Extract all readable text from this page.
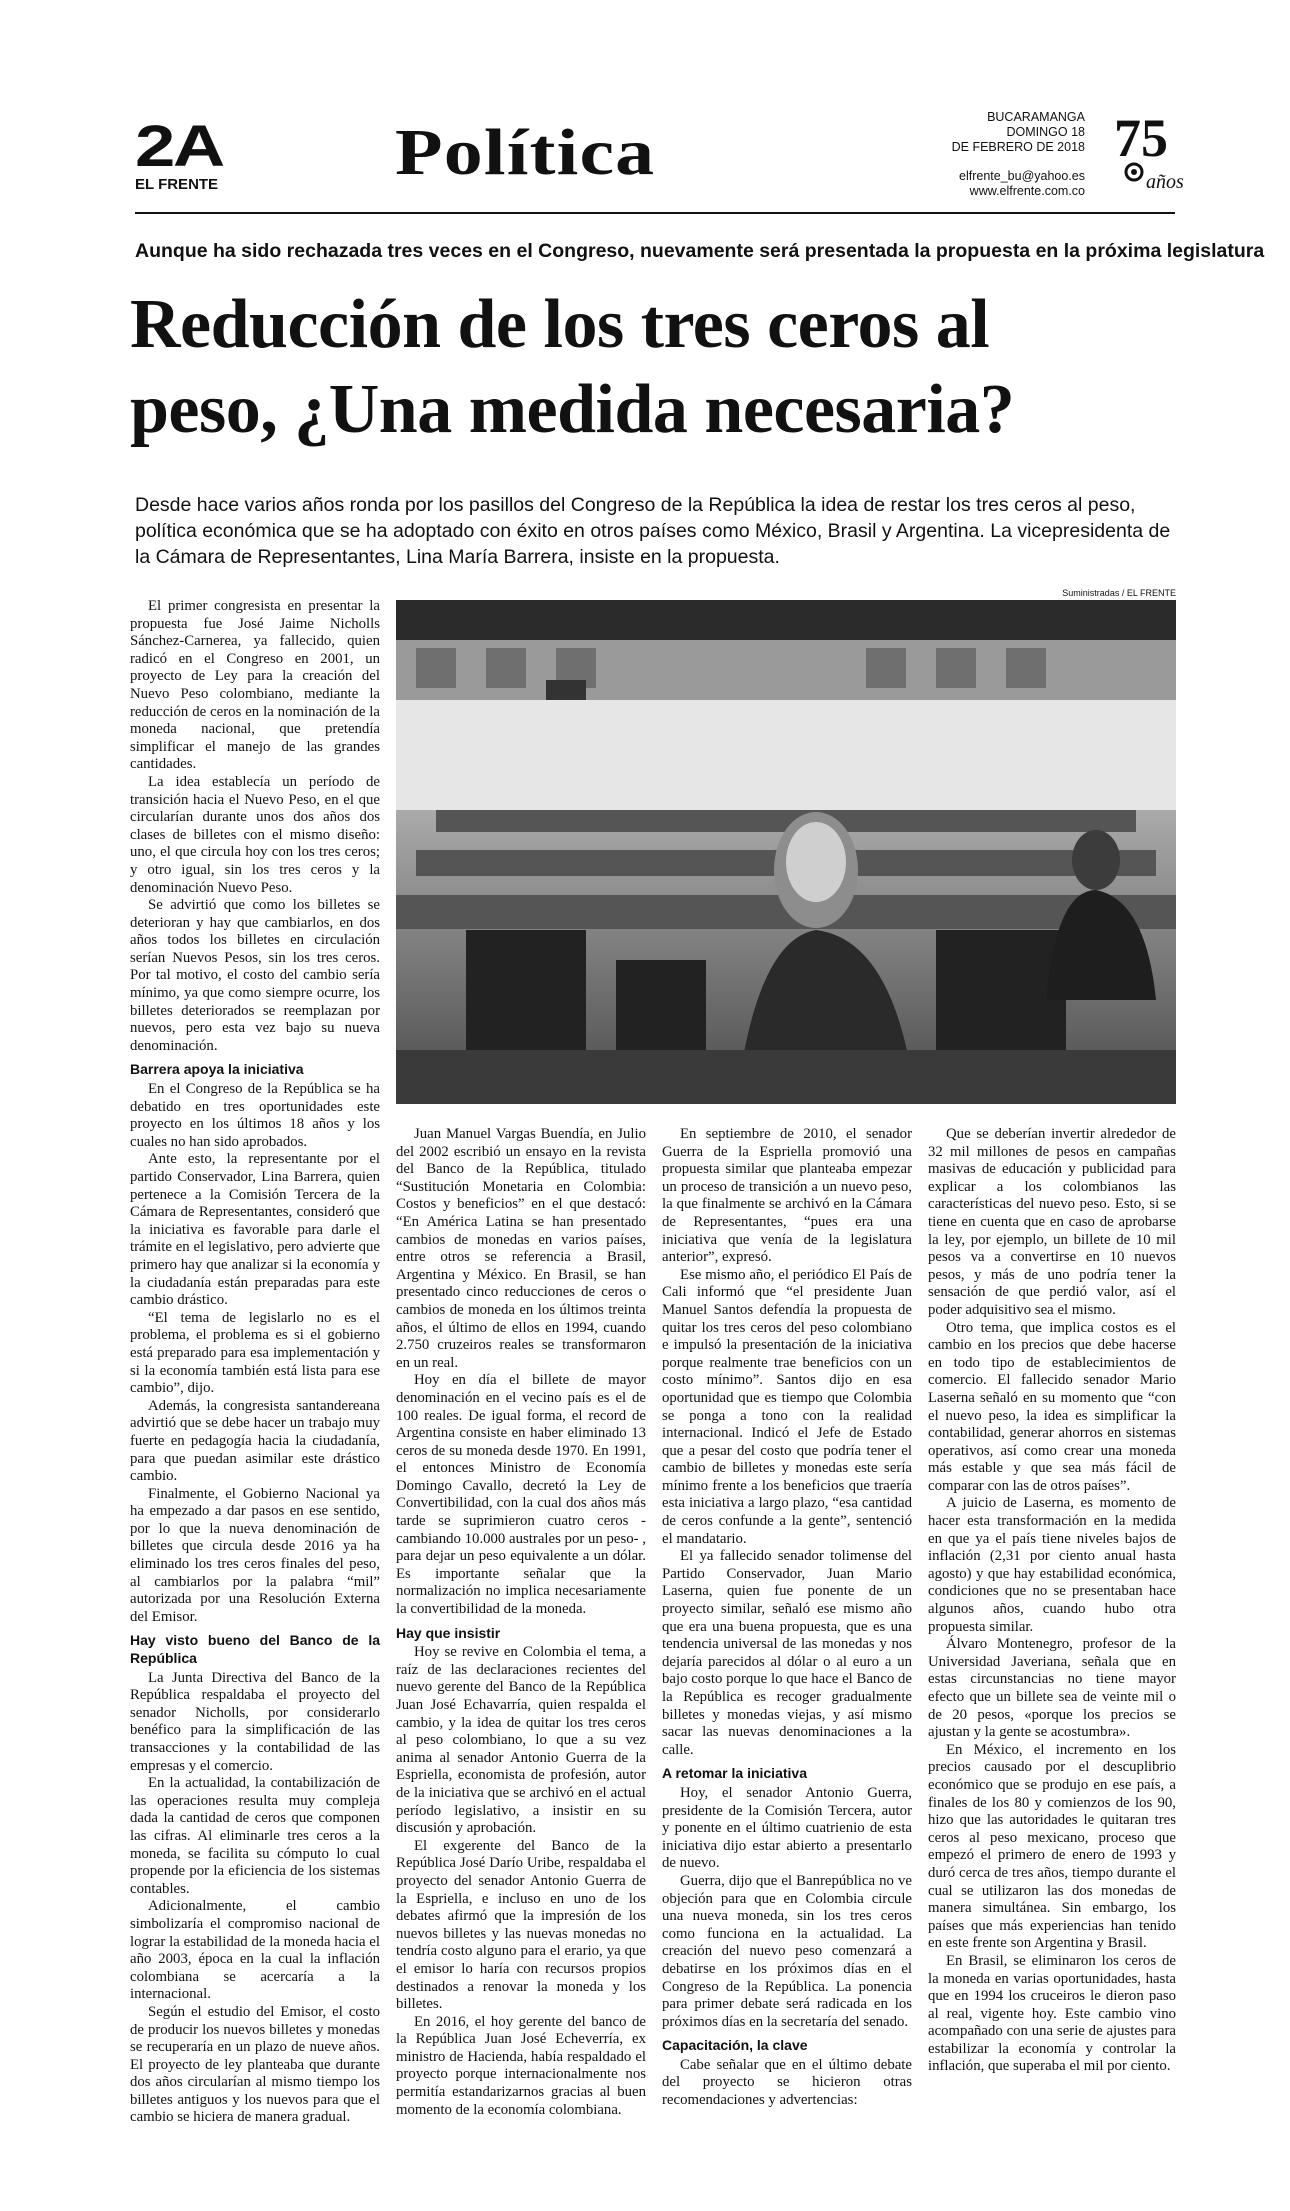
2A
EL FRENTE	Política	BUCARAMANGA
DOMINGO 18
DE FEBRERO DE 2018
elfrente_bu@yahoo.es
www.elfrente.com.co
75
años
Aunque ha sido rechazada tres veces en el Congreso, nuevamente será presentada la propuesta en la próxima legislatura
Reducción de los tres ceros al
peso, ¿Una medida necesaria?
Desde hace varios años ronda por los pasillos del Congreso de la República la idea de restar los tres ceros al peso, política económica que se ha adoptado con éxito en otros países como México, Brasil y Argentina. La vicepresidenta de la Cámara de Representantes, Lina María Barrera, insiste en la propuesta.
Suministradas / EL FRENTE

El primer congresista en presentar la propuesta fue José Jaime Nicholls Sánchez-Carnerea, ya fallecido, quien radicó en el Congreso en 2001, un proyecto de Ley para la creación del Nuevo Peso colombiano, mediante la reducción de ceros en la nominación de la moneda nacional, que pretendía simplificar el manejo de las grandes cantidades.

La idea establecía un período de transición hacia el Nuevo Peso, en el que circularían durante unos dos años dos clases de billetes con el mismo diseño: uno, el que circula hoy con los tres ceros; y otro igual, sin los tres ceros y la denominación Nuevo Peso.

Se advirtió que como los billetes se deterioran y hay que cambiarlos, en dos años todos los billetes en circulación serían Nuevos Pesos, sin los tres ceros. Por tal motivo, el costo del cambio sería mínimo, ya que como siempre ocurre, los billetes deteriorados se reemplazan por nuevos, pero esta vez bajo su nueva denominación.

Barrera apoya la iniciativa

En el Congreso de la República se ha debatido en tres oportunidades este proyecto en los últimos 18 años y los cuales no han sido aprobados.

Ante esto, la representante por el partido Conservador, Lina Barrera, quien pertenece a la Comisión Tercera de la Cámara de Representantes, consideró que la iniciativa es favorable para darle el trámite en el legislativo, pero advierte que primero hay que analizar si la economía y la ciudadanía están preparadas para este cambio drástico.

“El tema de legislarlo no es el problema, el problema es si el gobierno está preparado para esa implementación y si la economía también está lista para ese cambio”, dijo.

Además, la congresista santandereana advirtió que se debe hacer un trabajo muy fuerte en pedagogía hacia la ciudadanía, para que puedan asimilar este drástico cambio.

Finalmente, el Gobierno Nacional ya ha empezado a dar pasos en ese sentido, por lo que la nueva denominación de billetes que circula desde 2016 ya ha eliminado los tres ceros finales del peso, al cambiarlos por la palabra “mil” autorizada por una Resolución Externa del Emisor.

Hay visto bueno del Banco de la República

La Junta Directiva del Banco de la República respaldaba el proyecto del senador Nicholls, por considerarlo benéfico para la simplificación de las transacciones y la contabilidad de las empresas y el comercio.

En la actualidad, la contabilización de las operaciones resulta muy compleja dada la cantidad de ceros que componen las cifras. Al eliminarle tres ceros a la moneda, se facilita su cómputo lo cual propende por la eficiencia de los sistemas contables.

Adicionalmente, el cambio simbolizaría el compromiso nacional de lograr la estabilidad de la moneda hacia el año 2003, época en la cual la inflación colombiana se acercaría a la internacional.

Según el estudio del Emisor, el costo de producir los nuevos billetes y monedas se recuperaría en un plazo de nueve años. El proyecto de ley planteaba que durante dos años circularían al mismo tiempo los billetes antiguos y los nuevos para que el cambio se hiciera de manera gradual.

Juan Manuel Vargas Buendía, en Julio del 2002 escribió un ensayo en la revista del Banco de la República, titulado “Sustitución Monetaria en Colombia: Costos y beneficios” en el que destacó: “En América Latina se han presentado cambios de monedas en varios países, entre otros se referencia a Brasil, Argentina y México. En Brasil, se han presentado cinco reducciones de ceros o cambios de moneda en los últimos treinta años, el último de ellos en 1994, cuando 2.750 cruzeiros reales se transformaron en un real.

Hoy en día el billete de mayor denominación en el vecino país es el de 100 reales. De igual forma, el record de Argentina consiste en haber eliminado 13 ceros de su moneda desde 1970. En 1991, el entonces Ministro de Economía Domingo Cavallo, decretó la Ley de Convertibilidad, con la cual dos años más tarde se suprimieron cuatro ceros -cambiando 10.000 australes por un peso- , para dejar un peso equivalente a un dólar. Es importante señalar que la normalización no implica necesariamente la convertibilidad de la moneda.

Hay que insistir

Hoy se revive en Colombia el tema, a raíz de las declaraciones recientes del nuevo gerente del Banco de la República Juan José Echavarría, quien respalda el cambio, y la idea de quitar los tres ceros al peso colombiano, lo que a su vez anima al senador Antonio Guerra de la Espriella, economista de profesión, autor de la iniciativa que se archivó en el actual período legislativo, a insistir en su discusión y aprobación.

El exgerente del Banco de la República José Darío Uribe, respaldaba el proyecto del senador Antonio Guerra de la Espriella, e incluso en uno de los debates afirmó que la impresión de los nuevos billetes y las nuevas monedas no tendría costo alguno para el erario, ya que el emisor lo haría con recursos propios destinados a renovar la moneda y los billetes.

En 2016, el hoy gerente del banco de la República Juan José Echeverría, ex ministro de Hacienda, había respaldado el proyecto porque internacionalmente nos permitía estandarizarnos gracias al buen momento de la economía colombiana.

En septiembre de 2010, el senador Guerra de la Espriella promovió una propuesta similar que planteaba empezar un proceso de transición a un nuevo peso, la que finalmente se archivó en la Cámara de Representantes, “pues era una iniciativa que venía de la legislatura anterior”, expresó.

Ese mismo año, el periódico El País de Cali informó que “el presidente Juan Manuel Santos defendía la propuesta de quitar los tres ceros del peso colombiano e impulsó la presentación de la iniciativa porque realmente trae beneficios con un costo mínimo”. Santos dijo en esa oportunidad que es tiempo que Colombia se ponga a tono con la realidad internacional. Indicó el Jefe de Estado que a pesar del costo que podría tener el cambio de billetes y monedas este sería mínimo frente a los beneficios que traería esta iniciativa a largo plazo, “esa cantidad de ceros confunde a la gente”, sentenció el mandatario.

El ya fallecido senador tolimense del Partido Conservador, Juan Mario Laserna, quien fue ponente de un proyecto similar, señaló ese mismo año que era una buena propuesta, que es una tendencia universal de las monedas y nos dejaría parecidos al dólar o al euro a un bajo costo porque lo que hace el Banco de la República es recoger gradualmente billetes y monedas viejas, y así mismo sacar las nuevas denominaciones a la calle.

A retomar la iniciativa

Hoy, el senador Antonio Guerra, presidente de la Comisión Tercera, autor y ponente en el último cuatrienio de esta iniciativa dijo estar abierto a presentarlo de nuevo.

Guerra, dijo que el Banrepública no ve objeción para que en Colombia circule una nueva moneda, sin los tres ceros como funciona en la actualidad. La creación del nuevo peso comenzará a debatirse en los próximos días en el Congreso de la República. La ponencia para primer debate será radicada en los próximos días en la secretaría del senado.

Capacitación, la clave

Cabe señalar que en el último debate del proyecto se hicieron otras recomendaciones y advertencias:

Que se deberían invertir alrededor de 32 mil millones de pesos en campañas masivas de educación y publicidad para explicar a los colombianos las características del nuevo peso. Esto, si se tiene en cuenta que en caso de aprobarse la ley, por ejemplo, un billete de 10 mil pesos va a convertirse en 10 nuevos pesos, y más de uno podría tener la sensación de que perdió valor, así el poder adquisitivo sea el mismo.

Otro tema, que implica costos es el cambio en los precios que debe hacerse en todo tipo de establecimientos de comercio. El fallecido senador Mario Laserna señaló en su momento que “con el nuevo peso, la idea es simplificar la contabilidad, generar ahorros en sistemas operativos, así como crear una moneda más estable y que sea más fácil de comparar con las de otros países”.

A juicio de Laserna, es momento de hacer esta transformación en la medida en que ya el país tiene niveles bajos de inflación (2,31 por ciento anual hasta agosto) y que hay estabilidad económica, condiciones que no se presentaban hace algunos años, cuando hubo otra propuesta similar.

Álvaro Montenegro, profesor de la Universidad Javeriana, señala que en estas circunstancias no tiene mayor efecto que un billete sea de veinte mil o de 20 pesos, «porque los precios se ajustan y la gente se acostumbra».

En México, el incremento en los precios causado por el descuplibrio económico que se produjo en ese país, a finales de los 80 y comienzos de los 90, hizo que las autoridades le quitaran tres ceros al peso mexicano, proceso que empezó el primero de enero de 1993 y duró cerca de tres años, tiempo durante el cual se utilizaron las dos monedas de manera simultánea. Sin embargo, los países que más experiencias han tenido en este frente son Argentina y Brasil.

En Brasil, se eliminaron los ceros de la moneda en varias oportunidades, hasta que en 1994 los cruceiros le dieron paso al real, vigente hoy. Este cambio vino acompañado con una serie de ajustes para estabilizar la economía y controlar la inflación, que superaba el mil por ciento.
